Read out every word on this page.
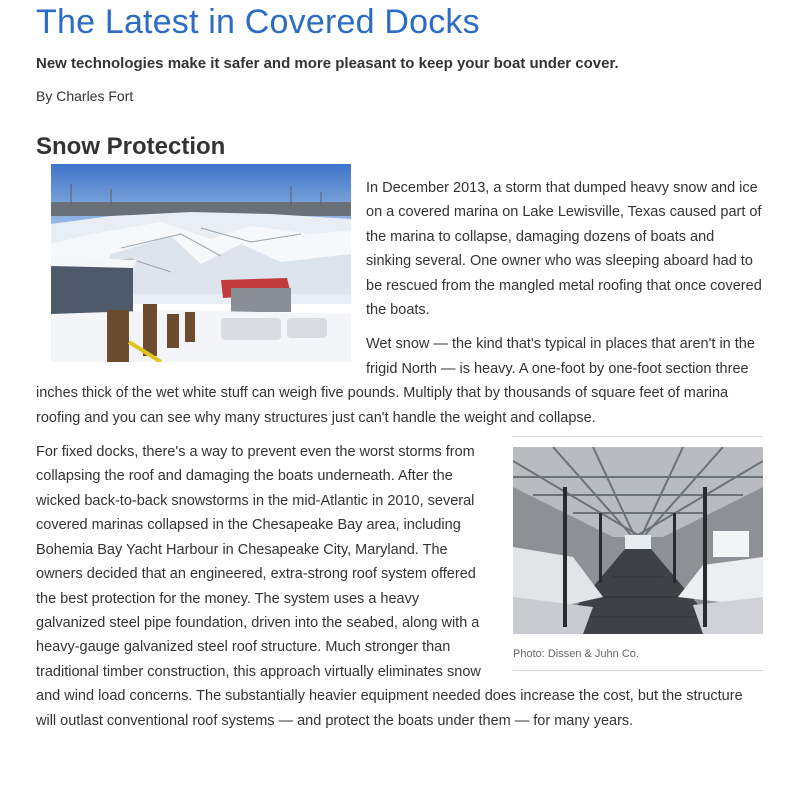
The Latest in Covered Docks
New technologies make it safer and more pleasant to keep your boat under cover.
By Charles Fort
Snow Protection

In December 2013, a storm that dumped heavy snow and ice on a covered marina on Lake Lewisville, Texas caused part of the marina to collapse, damaging dozens of boats and sinking several. One owner who was sleeping aboard had to be rescued from the mangled metal roofing that once covered the boats.

Wet snow — the kind that's typical in places that aren't in the frigid North — is heavy. A one-foot by one-foot section three inches thick of the wet white stuff can weigh five pounds. Multiply that by thousands of square feet of marina roofing and you can see why many structures just can't handle the weight and collapse.

Photo: Dissen & Juhn Co.

For fixed docks, there's a way to prevent even the worst storms from collapsing the roof and damaging the boats underneath. After the wicked back-to-back snowstorms in the mid-Atlantic in 2010, several covered marinas collapsed in the Chesapeake Bay area, including Bohemia Bay Yacht Harbour in Chesapeake City, Maryland. The owners decided that an engineered, extra-strong roof system offered the best protection for the money. The system uses a heavy galvanized steel pipe foundation, driven into the seabed, along with a heavy-gauge galvanized steel roof structure. Much stronger than traditional timber construction, this approach virtually eliminates snow and wind load concerns. The substantially heavier equipment needed does increase the cost, but the structure will outlast conventional roof systems — and protect the boats under them — for many years.
